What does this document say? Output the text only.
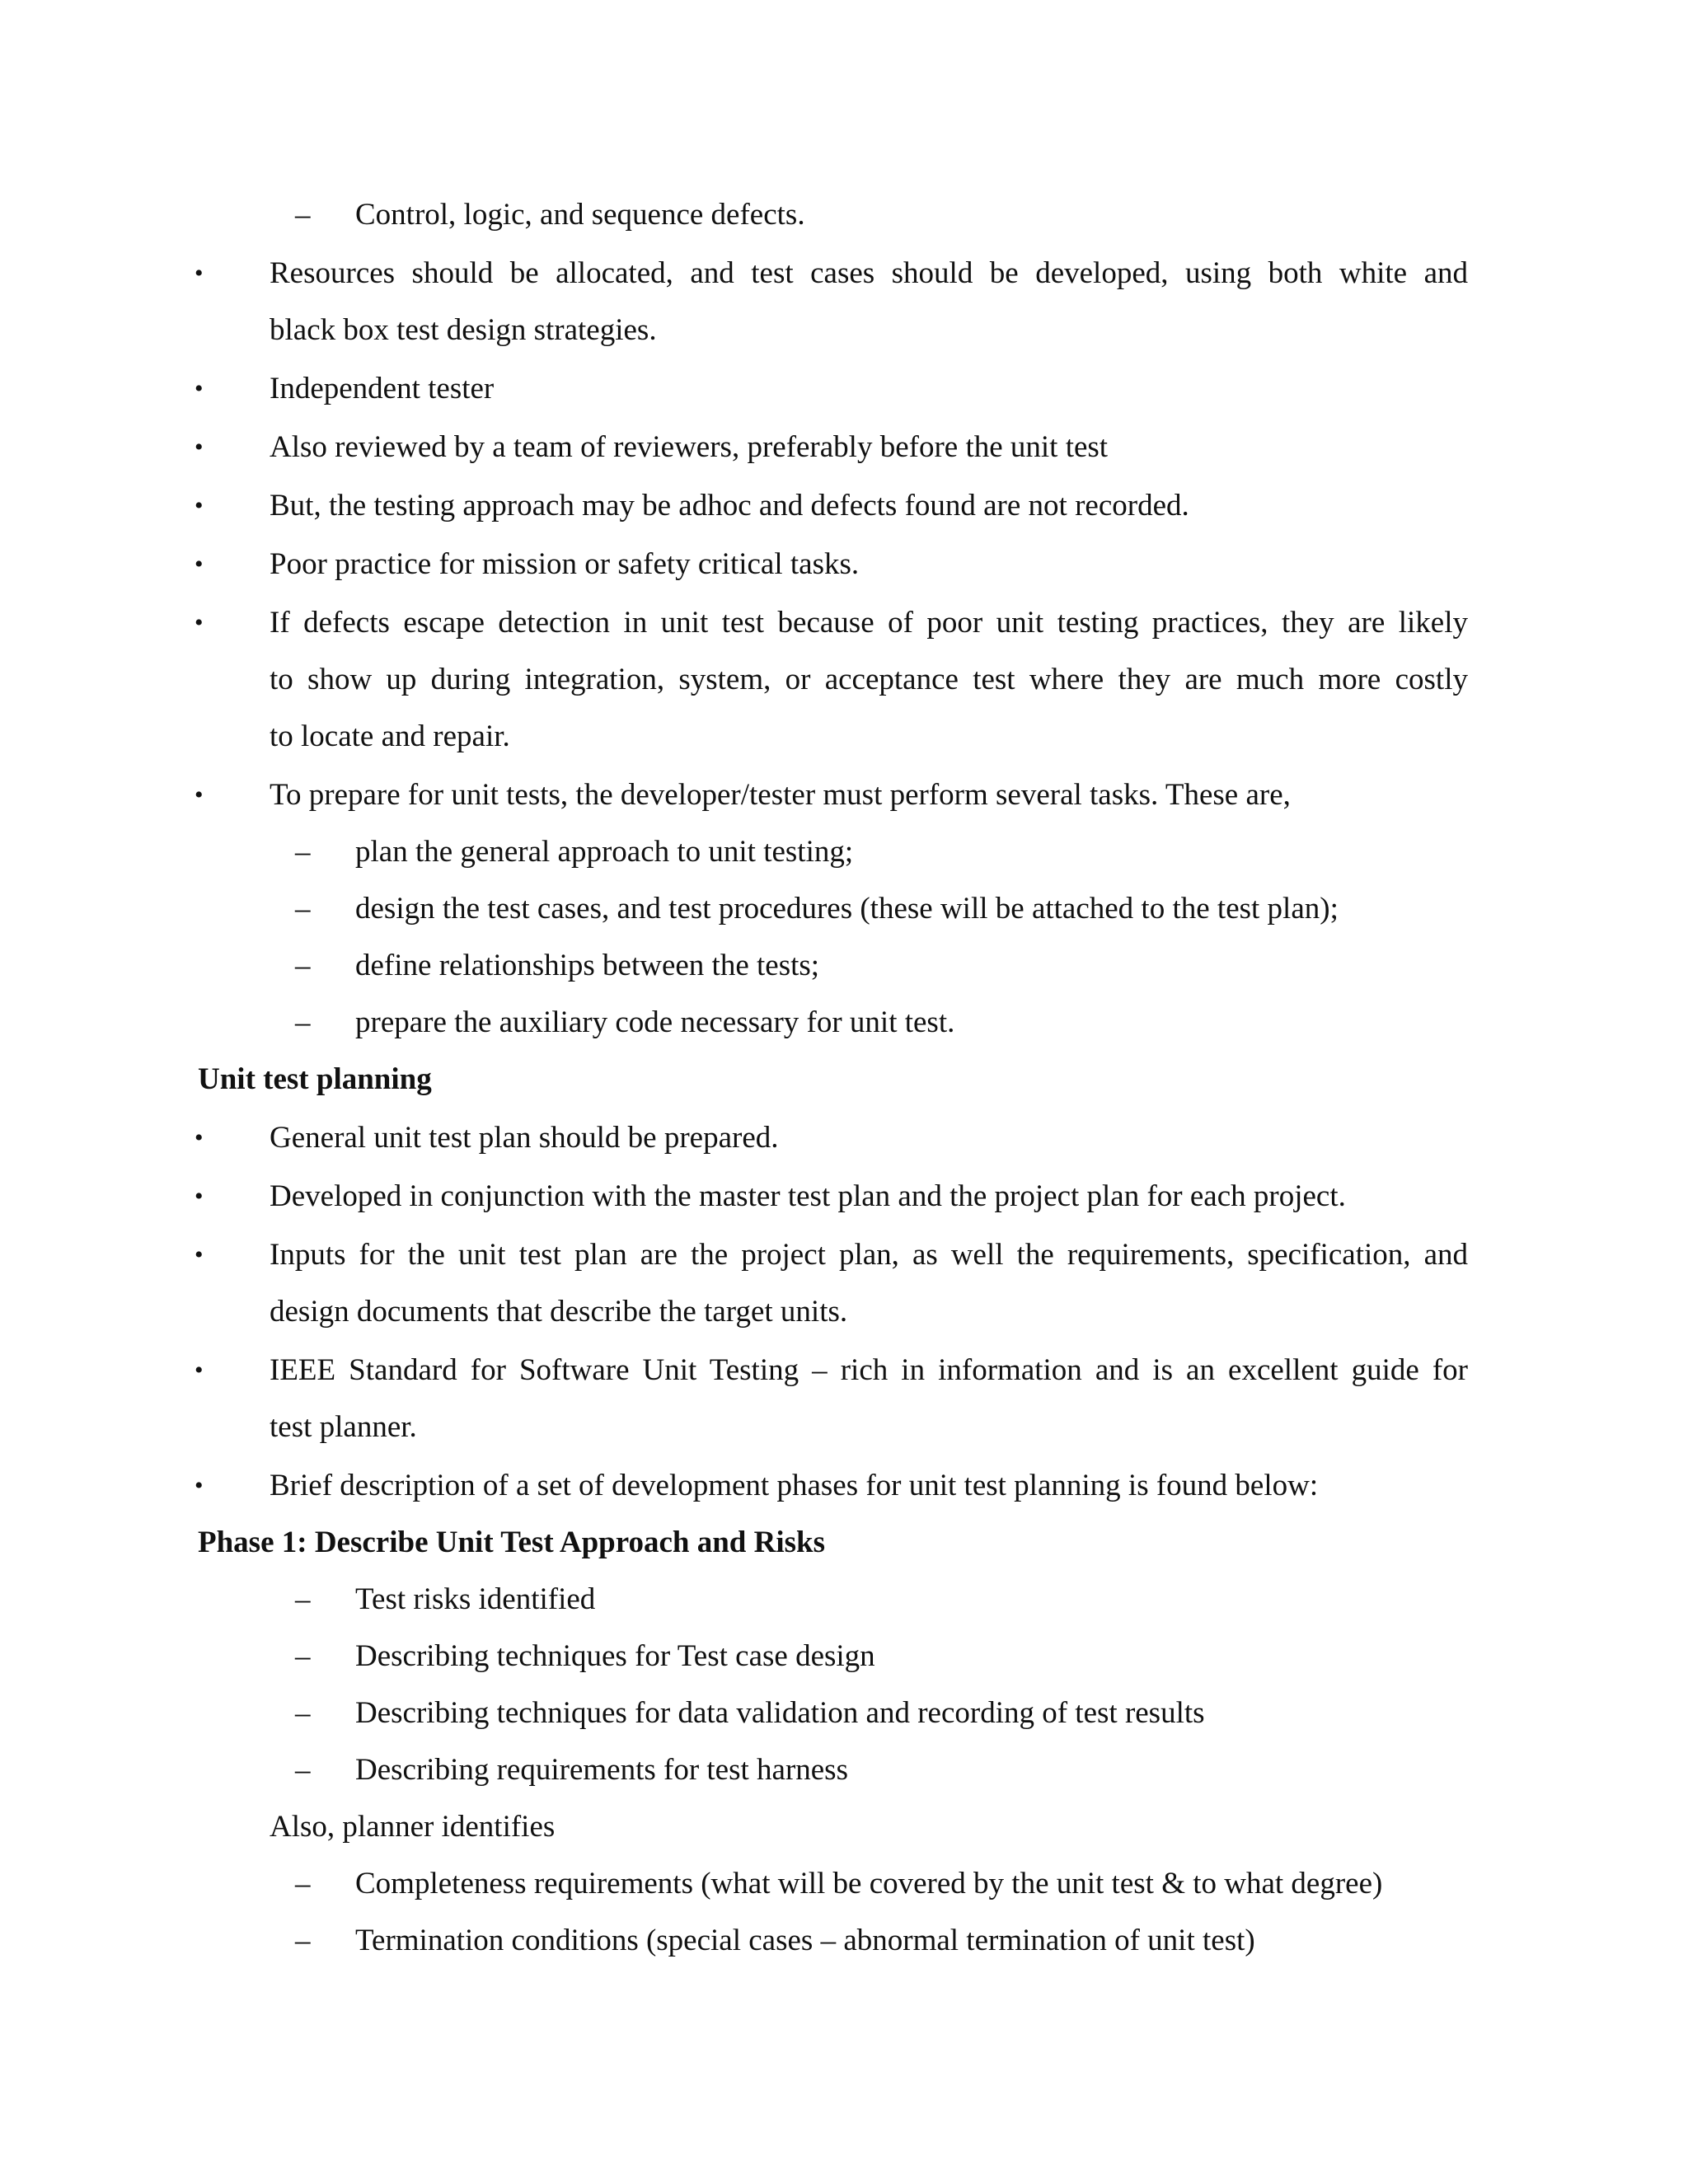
–	Control, logic, and sequence defects.
•	Resources should be allocated, and test cases should be developed, using both white and
black box test design strategies.
•	Independent tester
•	Also reviewed by a team of reviewers, preferably before the unit test
•	But, the testing approach may be adhoc and defects found are not recorded.
•	Poor practice for mission or safety critical tasks.
•	If defects escape detection in unit test because of poor unit testing practices, they are likely
to show up during integration, system, or acceptance test where they are much more costly
to locate and repair.
•	To prepare for unit tests, the developer/tester must perform several tasks. These are,
–	plan the general approach to unit testing;
–	design the test cases, and test procedures (these will be attached to the test plan);
–	define relationships between the tests;
–	prepare the auxiliary code necessary for unit test.
Unit test planning
•	General unit test plan should be prepared.
•	Developed in conjunction with the master test plan and the project plan for each project.
•	Inputs for the unit test plan are the project plan, as well the requirements, specification, and
design documents that describe the target units.
•	IEEE Standard for Software Unit Testing – rich in information and is an excellent guide for
test planner.
•	Brief description of a set of development phases for unit test planning is found below:
Phase 1: Describe Unit Test Approach and Risks
–	Test risks identified
–	Describing techniques for Test case design
–	Describing techniques for data validation and recording of test results
–	Describing requirements for test harness
Also, planner identifies
–	Completeness requirements (what will be covered by the unit test & to what degree)
–	Termination conditions (special cases – abnormal termination of unit test)
